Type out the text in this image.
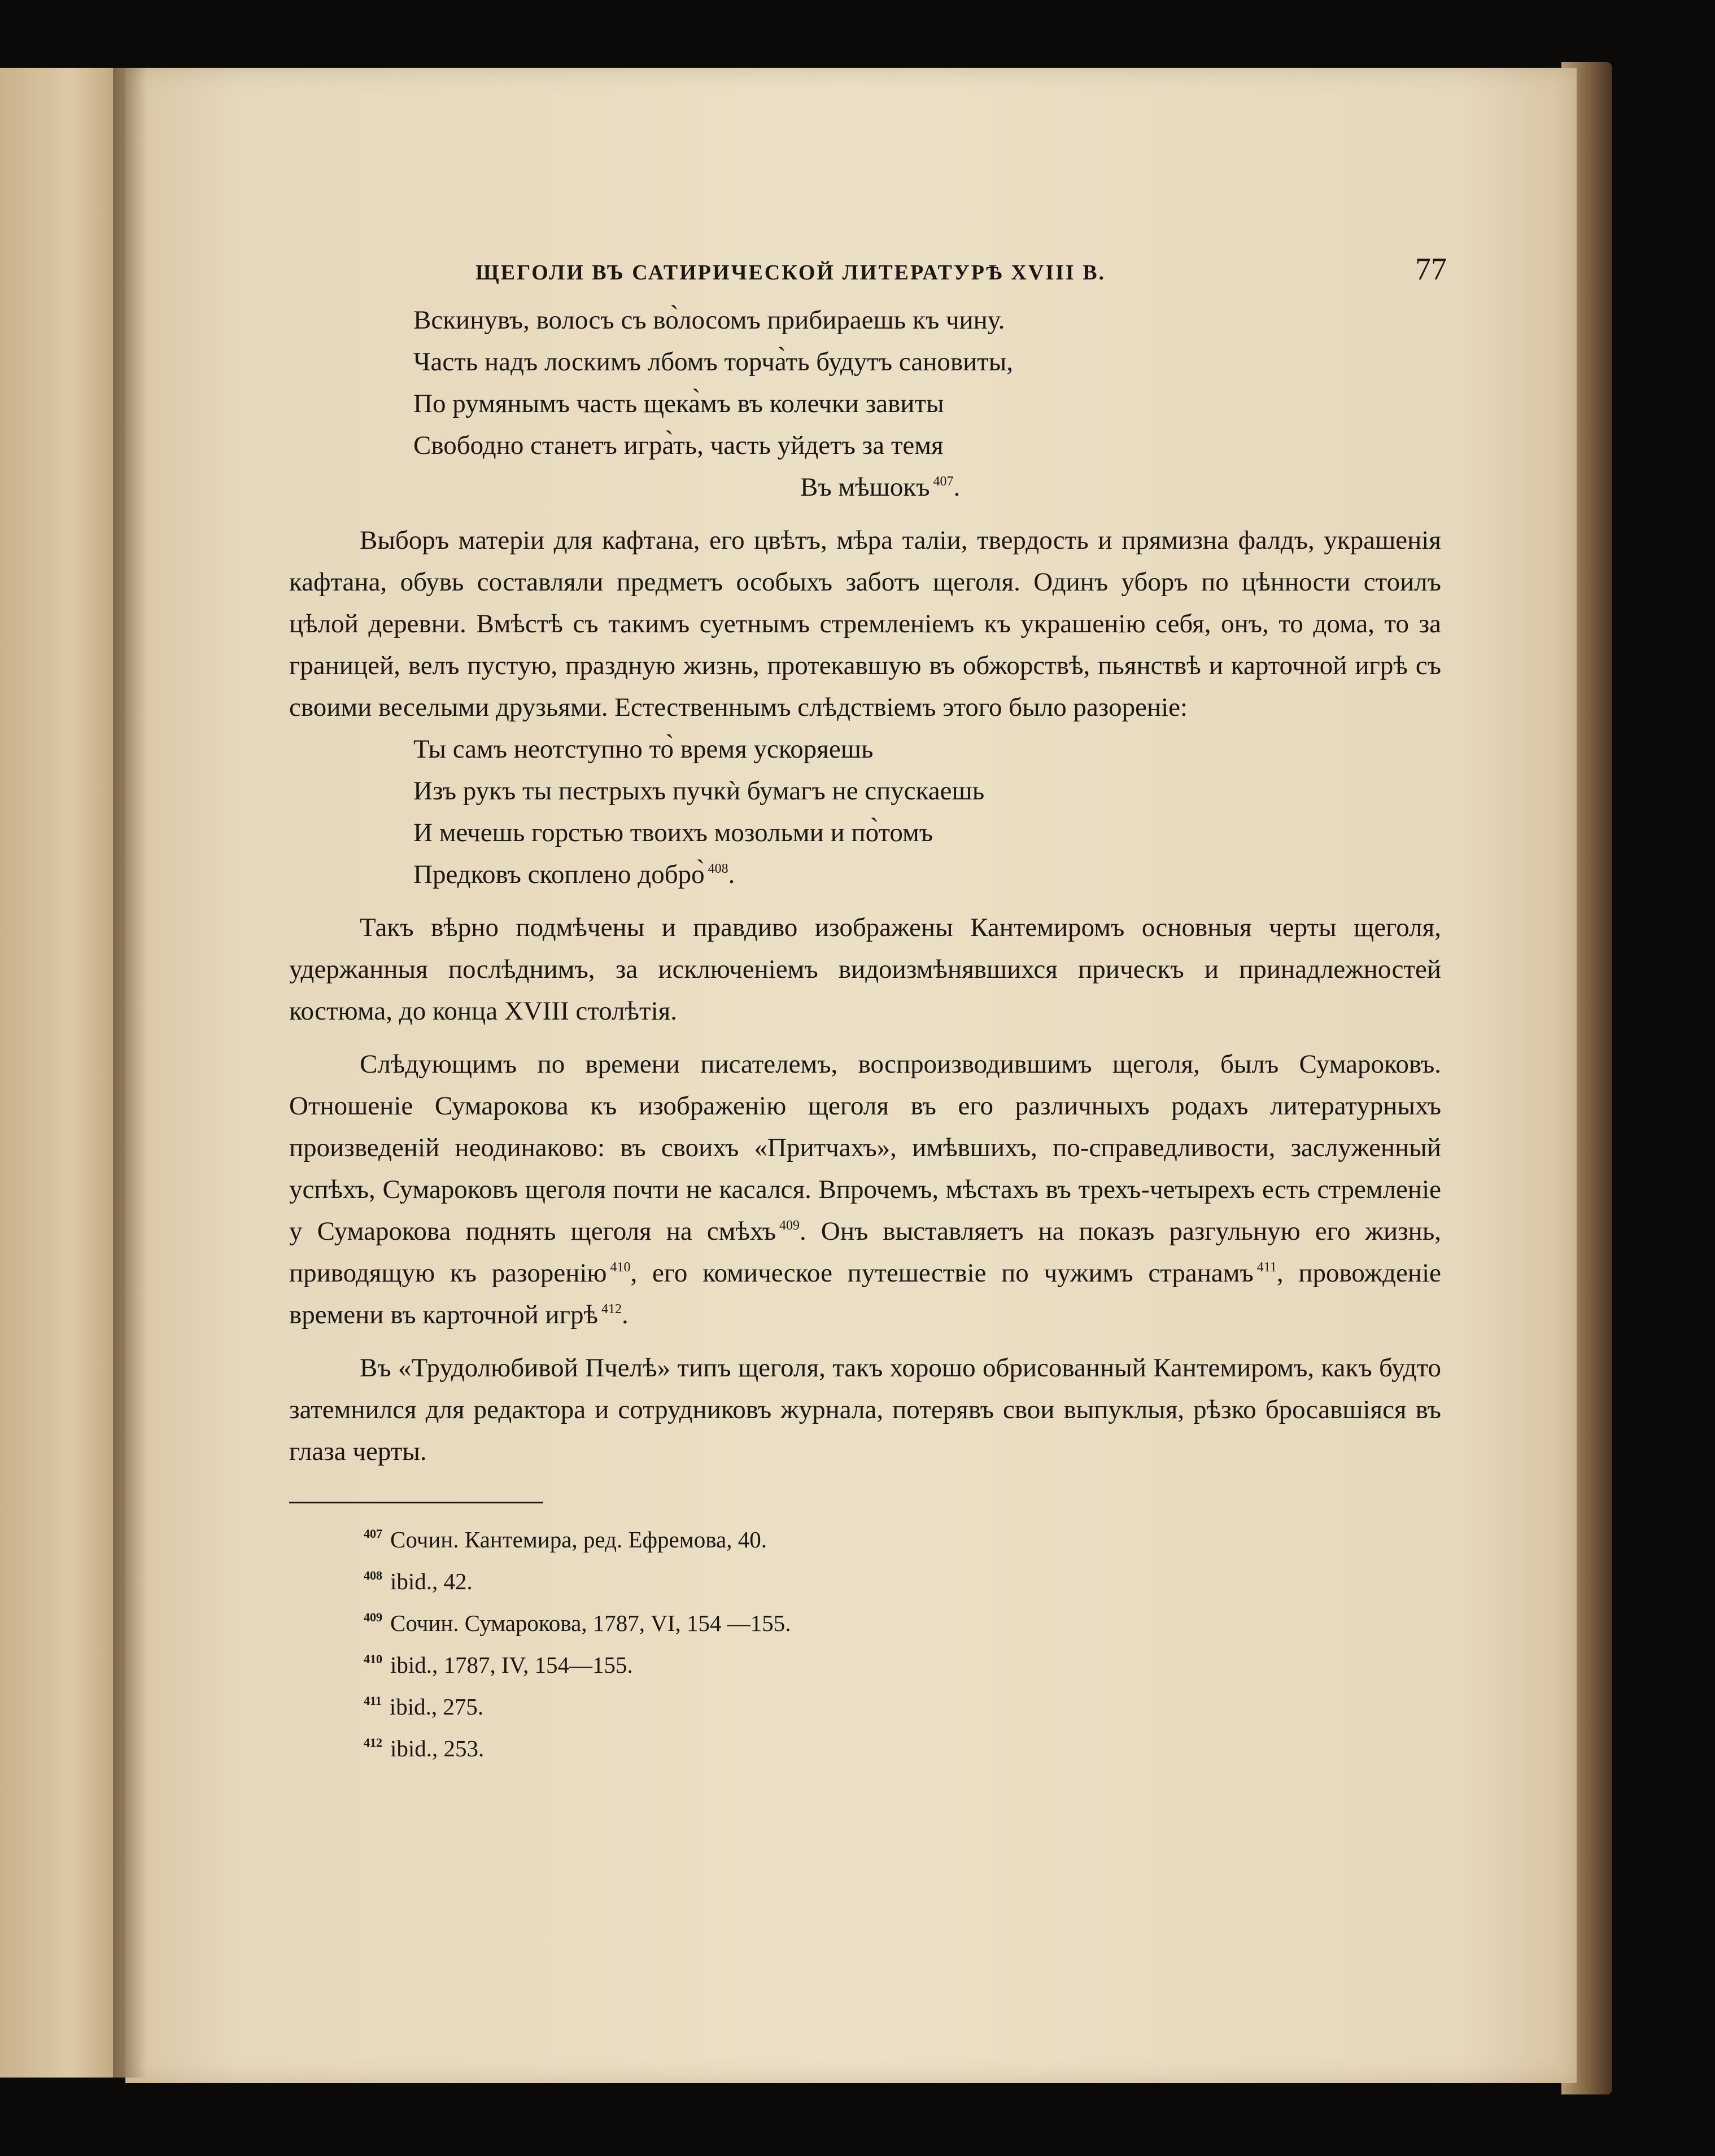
ЩЕГОЛИ ВЪ САТИРИЧЕСКОЙ ЛИТЕРАТУРѢ XVIII В.	77
Вскинувъ, волосъ съ во̀лосомъ прибираешь къ чину.
Часть надъ лоскимъ лбомъ торча̀ть будутъ сановиты,
По румянымъ часть щека̀мъ въ колечки завиты
Свободно станетъ игра̀ть, часть уйдетъ за темя
Въ мѣшокъ $^{407}$.

Выборъ матерiи для кафтана, его цвѣтъ, мѣра талiи, твердость и прямизна фалдъ, украшенiя кафтана, обувь составляли предметъ особыхъ заботъ щеголя. Одинъ уборъ по цѣнности стоилъ цѣлой деревни. Вмѣстѣ съ такимъ суетнымъ стремленiемъ къ украшенiю себя, онъ, то дома, то за границей, велъ пустую, праздную жизнь, протекавшую въ обжорствѣ, пьянствѣ и карточной игрѣ съ своими веселыми друзьями. Естественнымъ слѣдствiемъ этого было разоренiе:

Ты самъ неотступно то̀ время ускоряешь
Изъ рукъ ты пестрыхъ пучкѝ бумагъ не спускаешь
И мечешь горстью твоихъ мозольми и по̀томъ
Предковъ скоплено добро̀ $^{408}$.

Такъ вѣрно подмѣчены и правдиво изображены Кантемиромъ основныя черты щеголя, удержанныя послѣднимъ, за исключенiемъ видоизмѣнявшихся прическъ и принадлежностей костюма, до конца XVIII столѣтiя.

Слѣдующимъ по времени писателемъ, воспроизводившимъ щеголя, былъ Сумароковъ. Отношенiе Сумарокова къ изображенiю щеголя въ его различныхъ родахъ литературныхъ произведенiй неодинаково: въ своихъ «Притчахъ», имѣвшихъ, по-справедливости, заслуженный успѣхъ, Сумароковъ щеголя почти не касался. Впрочемъ, мѣстахъ въ трехъ-четырехъ есть стремленiе у Сумарокова поднять щеголя на смѣхъ $^{409}$. Онъ выставляетъ на показъ разгульную его жизнь, приводящую къ разоренiю $^{410}$, его комическое путешествiе по чужимъ странамъ $^{411}$, провожденiе времени въ карточной игрѣ $^{412}$.

Въ «Трудолюбивой Пчелѣ» типъ щеголя, такъ хорошо обрисованный Кантемиромъ, какъ будто затемнился для редактора и сотрудниковъ журнала, потерявъ свои выпуклыя, рѣзко бросавшiяся въ глаза черты.

$^{407}$ Сочин. Кантемира, ред. Ефремова, 40.
$^{408}$ ibid., 42.
$^{409}$ Сочин. Сумарокова, 1787, VI, 154 —155.
$^{410}$ ibid., 1787, IV, 154—155.
$^{411}$ ibid., 275.
$^{412}$ ibid., 253.
